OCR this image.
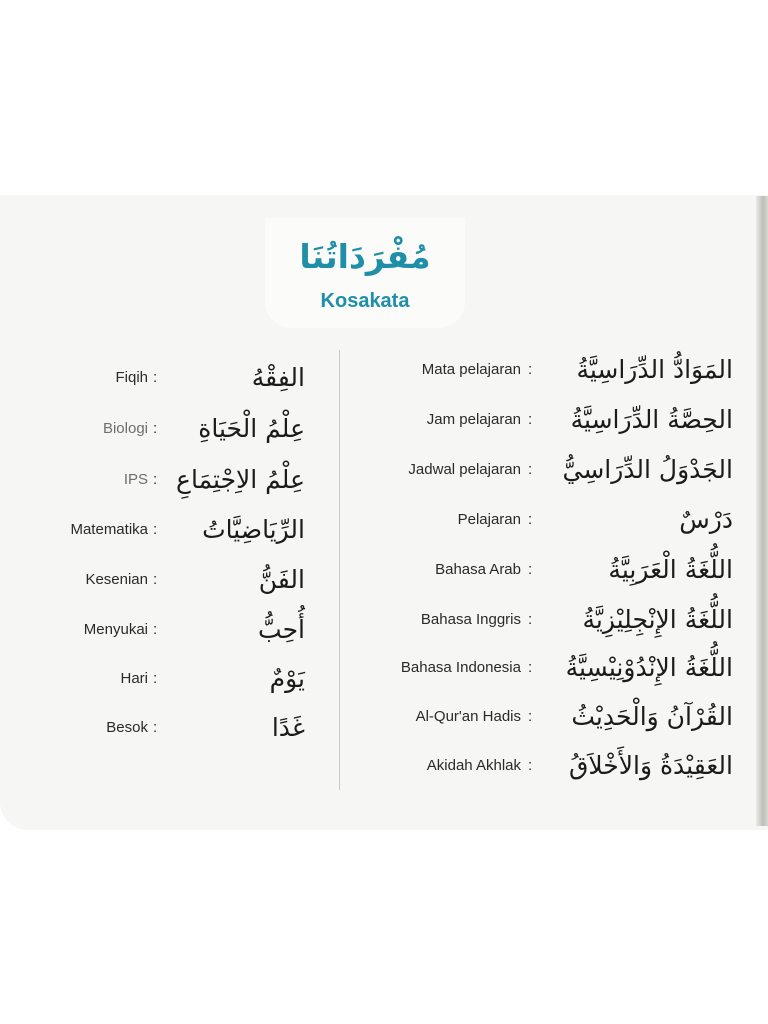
مُفْرَدَاتُنَا
Kosakata
Fiqih :	الفِقْهُ
Biologi :	عِلْمُ الْحَيَاةِ
IPS : عِلْمُ الاِجْتِمَاعِ
Matematika :	الرِّيَاضِيَّاتُ
Kesenian :	الفَنُّ
Menyukai :	أُحِبُّ
Hari :	يَوْمٌ
Besok :	غَدًا
Mata pelajaran :	المَوَادُّ الدِّرَاسِيَّةُ
Jam pelajaran :	الحِصَّةُ الدِّرَاسِيَّةُ
Jadwal pelajaran :	الجَدْوَلُ الدِّرَاسِيُّ
Pelajaran :	دَرْسٌ
Bahasa Arab :	اللُّغَةُ الْعَرَبِيَّةُ
Bahasa Inggris :	اللُّغَةُ الإِنْجِلِيْزِيَّةُ
Bahasa Indonesia :	اللُّغَةُ الإِنْدُوْنِيْسِيَّةُ
Al-Qur'an Hadis :	القُرْآنُ وَالْحَدِيْثُ
Akidah Akhlak :	العَقِيْدَةُ وَالأَخْلاَقُ
